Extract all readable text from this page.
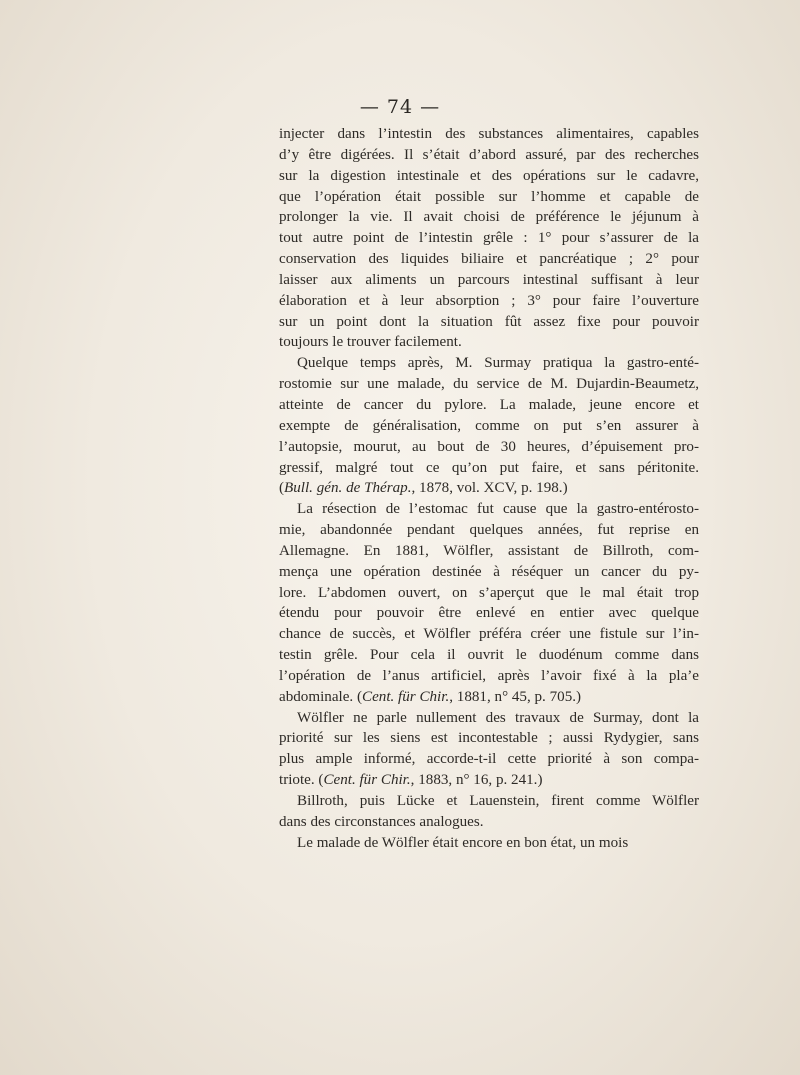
— 74 —
injecter dans l’intestin des substances alimentaires, capables
d’y être digérées. Il s’était d’abord assuré, par des recherches
sur la digestion intestinale et des opérations sur le cadavre,
que l’opération était possible sur l’homme et capable de
prolonger la vie. Il avait choisi de préférence le jéjunum à
tout autre point de l’intestin grêle : 1° pour s’assurer de la
conservation des liquides biliaire et pancréatique ; 2° pour
laisser aux aliments un parcours intestinal suffisant à leur
élaboration et à leur absorption ; 3° pour faire l’ouverture
sur un point dont la situation fût assez fixe pour pouvoir
toujours le trouver facilement.
Quelque temps après, M. Surmay pratiqua la gastro-enté-
rostomie sur une malade, du service de M. Dujardin-Beaumetz,
atteinte de cancer du pylore. La malade, jeune encore et
exempte de généralisation, comme on put s’en assurer à
l’autopsie, mourut, au bout de 30 heures, d’épuisement pro-
gressif, malgré tout ce qu’on put faire, et sans péritonite.
(Bull. gén. de Thérap., 1878, vol. XCV, p. 198.)
La résection de l’estomac fut cause que la gastro-entérosto-
mie, abandonnée pendant quelques années, fut reprise en
Allemagne. En 1881, Wölfler, assistant de Billroth, com-
mença une opération destinée à réséquer un cancer du py-
lore. L’abdomen ouvert, on s’aperçut que le mal était trop
étendu pour pouvoir être enlevé en entier avec quelque
chance de succès, et Wölfler préféra créer une fistule sur l’in-
testin grêle. Pour cela il ouvrit le duodénum comme dans
l’opération de l’anus artificiel, après l’avoir fixé à la pla’e
abdominale. (Cent. für Chir., 1881, n° 45, p. 705.)
Wölfler ne parle nullement des travaux de Surmay, dont la
priorité sur les siens est incontestable ; aussi Rydygier, sans
plus ample informé, accorde-t-il cette priorité à son compa-
triote. (Cent. für Chir., 1883, n° 16, p. 241.)
Billroth, puis Lücke et Lauenstein, firent comme Wölfler
dans des circonstances analogues.
Le malade de Wölfler était encore en bon état, un mois
